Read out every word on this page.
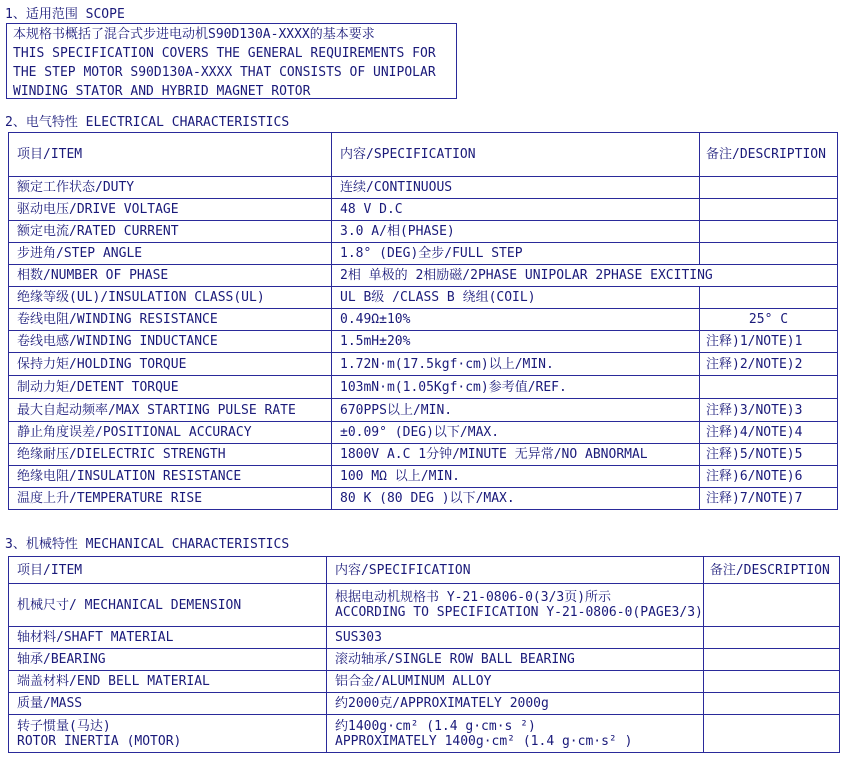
1、适用范围 SCOPE
本规格书概括了混合式步进电动机S90D130A-XXXX的基本要求
THIS SPECIFICATION COVERS THE GENERAL REQUIREMENTS FOR
THE STEP MOTOR S90D130A-XXXX THAT CONSISTS OF UNIPOLAR
WINDING STATOR AND HYBRID MAGNET ROTOR
2、电气特性 ELECTRICAL CHARACTERISTICS
项目/ITEM	内容/SPECIFICATION	备注/DESCRIPTION
额定工作状态/DUTY	连续/CONTINUOUS	
驱动电压/DRIVE VOLTAGE	48 V D.C	
额定电流/RATED CURRENT	3.0 A/相(PHASE)	
步进角/STEP ANGLE	1.8° (DEG)全步/FULL STEP	
相数/NUMBER OF PHASE	2相 单极的 2相励磁/2PHASE UNIPOLAR 2PHASE EXCITING	
绝缘等级(UL)/INSULATION CLASS(UL)	UL B级 /CLASS B 绕组(COIL)	
卷线电阻/WINDING RESISTANCE	0.49Ω±10%	25° C
卷线电感/WINDING INDUCTANCE	1.5mH±20%	注释)1/NOTE)1
保持力矩/HOLDING TORQUE	1.72N·m(17.5kgf·cm)以上/MIN.	注释)2/NOTE)2
制动力矩/DETENT TORQUE	103mN·m(1.05Kgf·cm)参考值/REF.	
最大自起动频率/MAX STARTING PULSE RATE	670PPS以上/MIN.	注释)3/NOTE)3
静止角度误差/POSITIONAL ACCURACY	±0.09° (DEG)以下/MAX.	注释)4/NOTE)4
绝缘耐压/DIELECTRIC STRENGTH	1800V A.C 1分钟/MINUTE 无异常/NO ABNORMAL	注释)5/NOTE)5
绝缘电阻/INSULATION RESISTANCE	100 MΩ 以上/MIN.	注释)6/NOTE)6
温度上升/TEMPERATURE RISE	80 K (80 DEG )以下/MAX.	注释)7/NOTE)7
3、机械特性 MECHANICAL CHARACTERISTICS
项目/ITEM	内容/SPECIFICATION	备注/DESCRIPTION
机械尺寸/ MECHANICAL DEMENSION	根据电动机规格书 Y-21-0806-0(3/3页)所示
ACCORDING TO SPECIFICATION Y-21-0806-0(PAGE3/3)	

轴材料/SHAFT MATERIAL	SUS303	

轴承/BEARING	滚动轴承/SINGLE ROW BALL BEARING	

端盖材料/END BELL MATERIAL	铝合金/ALUMINUM ALLOY	

质量/MASS	约2000克/APPROXIMATELY 2000g	

转子惯量(马达)
ROTOR INERTIA (MOTOR)	约1400g·cm² (1.4 g·cm·s ²)
APPROXIMATELY 1400g·cm² (1.4 g·cm·s² )	
